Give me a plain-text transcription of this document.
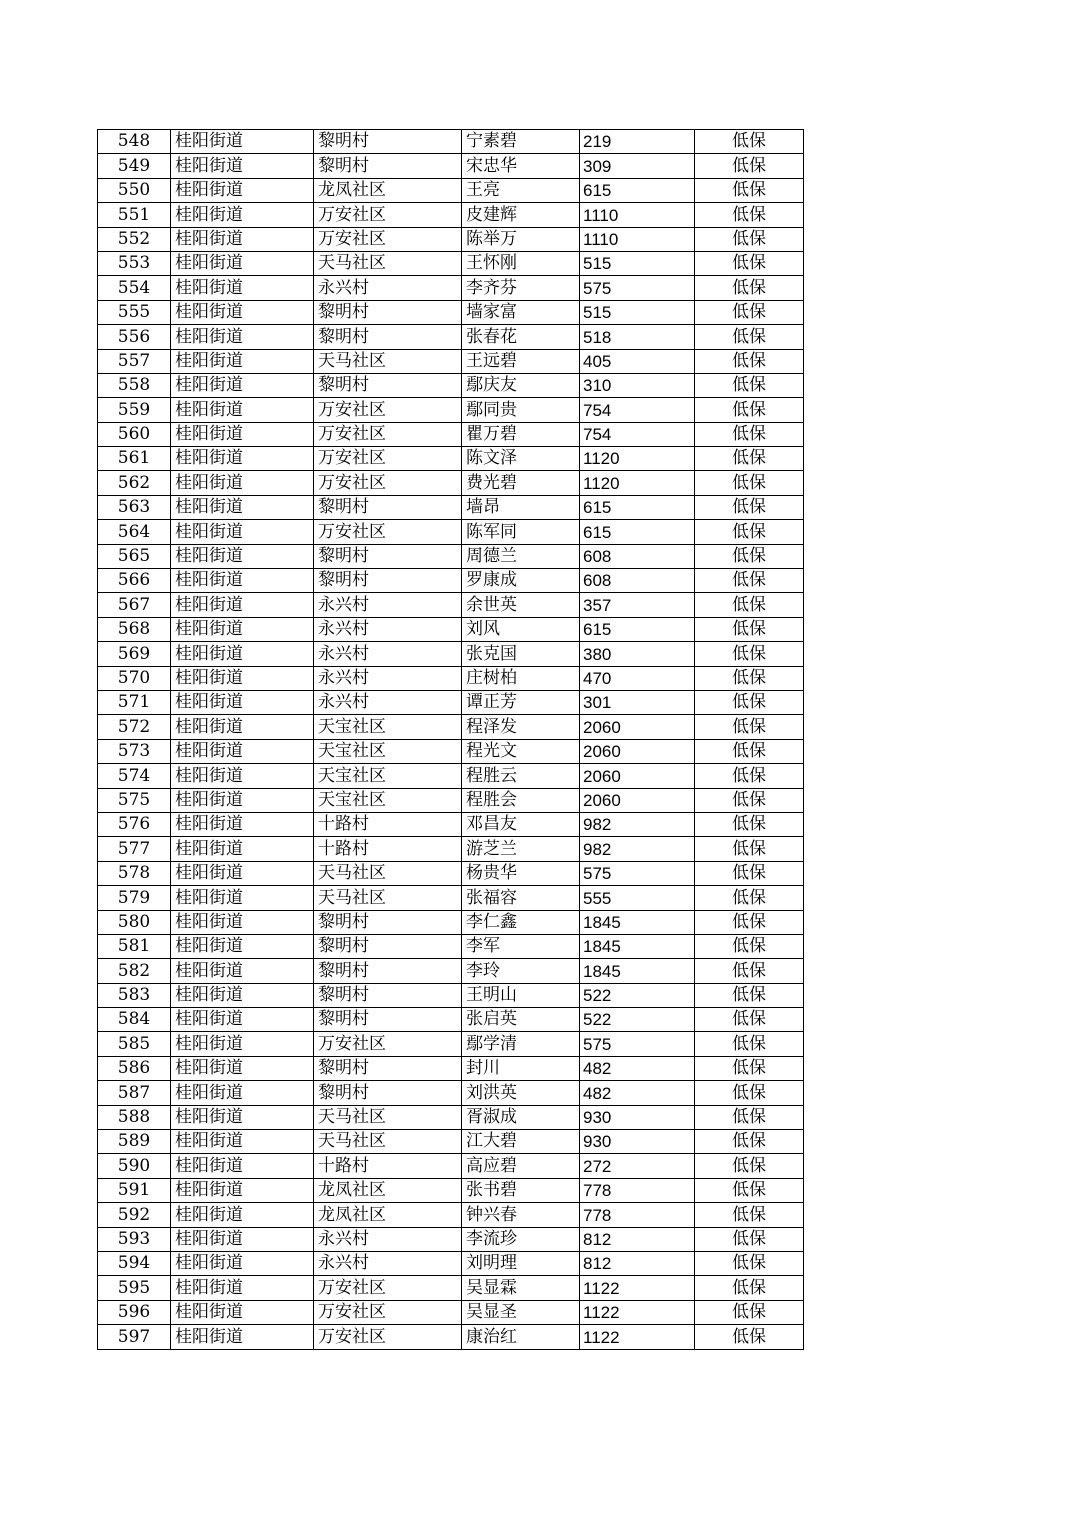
548	桂阳街道	黎明村	宁素碧	219	低保
549	桂阳街道	黎明村	宋忠华	309	低保
550	桂阳街道	龙凤社区	王亮	615	低保
551	桂阳街道	万安社区	皮建辉	1110	低保
552	桂阳街道	万安社区	陈举万	1110	低保
553	桂阳街道	天马社区	王怀刚	515	低保
554	桂阳街道	永兴村	李齐芬	575	低保
555	桂阳街道	黎明村	墙家富	515	低保
556	桂阳街道	黎明村	张春花	518	低保
557	桂阳街道	天马社区	王远碧	405	低保
558	桂阳街道	黎明村	鄢庆友	310	低保
559	桂阳街道	万安社区	鄢同贵	754	低保
560	桂阳街道	万安社区	瞿万碧	754	低保
561	桂阳街道	万安社区	陈文泽	1120	低保
562	桂阳街道	万安社区	费光碧	1120	低保
563	桂阳街道	黎明村	墙昂	615	低保
564	桂阳街道	万安社区	陈军同	615	低保
565	桂阳街道	黎明村	周德兰	608	低保
566	桂阳街道	黎明村	罗康成	608	低保
567	桂阳街道	永兴村	余世英	357	低保
568	桂阳街道	永兴村	刘风	615	低保
569	桂阳街道	永兴村	张克国	380	低保
570	桂阳街道	永兴村	庄树柏	470	低保
571	桂阳街道	永兴村	谭正芳	301	低保
572	桂阳街道	天宝社区	程泽发	2060	低保
573	桂阳街道	天宝社区	程光文	2060	低保
574	桂阳街道	天宝社区	程胜云	2060	低保
575	桂阳街道	天宝社区	程胜会	2060	低保
576	桂阳街道	十路村	邓昌友	982	低保
577	桂阳街道	十路村	游芝兰	982	低保
578	桂阳街道	天马社区	杨贵华	575	低保
579	桂阳街道	天马社区	张福容	555	低保
580	桂阳街道	黎明村	李仁鑫	1845	低保
581	桂阳街道	黎明村	李军	1845	低保
582	桂阳街道	黎明村	李玲	1845	低保
583	桂阳街道	黎明村	王明山	522	低保
584	桂阳街道	黎明村	张启英	522	低保
585	桂阳街道	万安社区	鄢学清	575	低保
586	桂阳街道	黎明村	封川	482	低保
587	桂阳街道	黎明村	刘洪英	482	低保
588	桂阳街道	天马社区	胥淑成	930	低保
589	桂阳街道	天马社区	江大碧	930	低保
590	桂阳街道	十路村	高应碧	272	低保
591	桂阳街道	龙凤社区	张书碧	778	低保
592	桂阳街道	龙凤社区	钟兴春	778	低保
593	桂阳街道	永兴村	李流珍	812	低保
594	桂阳街道	永兴村	刘明理	812	低保
595	桂阳街道	万安社区	吴显霖	1122	低保
596	桂阳街道	万安社区	吴显圣	1122	低保
597	桂阳街道	万安社区	康治红	1122	低保
